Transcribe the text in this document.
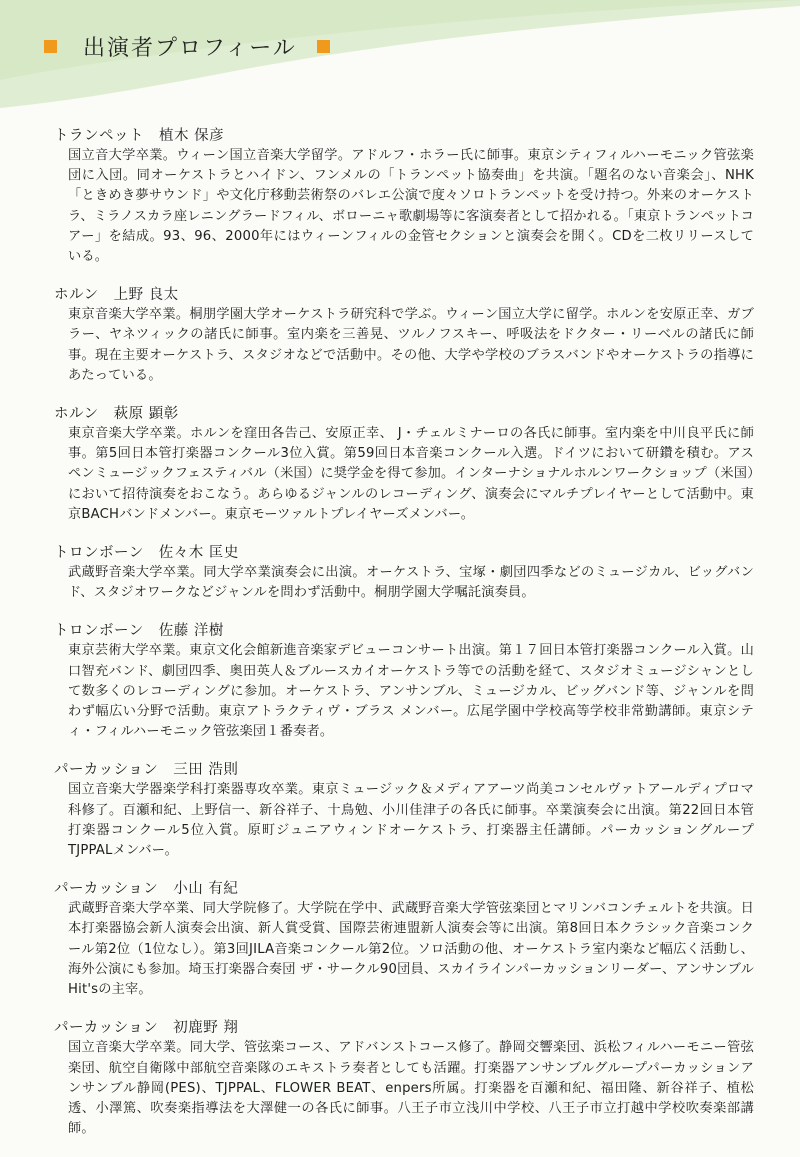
出演者プロフィール
トランペット　 植木 保彦
国立音大学卒業。ウィーン国立音楽大学留学。アドルフ・ホラー氏に師事。東京シティフィルハーモニック管弦楽団に入団。同オーケストラとハイドン、フンメルの「トランペット協奏曲」を共演。「題名のない音楽会」、NHK「ときめき夢サウンド」や文化庁移動芸術祭のバレエ公演で度々ソロトランペットを受け持つ。外来のオーケストラ、ミラノスカラ座レニングラードフィル、ボローニャ歌劇場等に客演奏者として招かれる。「東京トランペットコアー」を結成。93、96、2000年にはウィーンフィルの金管セクションと演奏会を開く。CDを二枚リリースしている。
ホルン　 上野 良太
東京音楽大学卒業。桐朋学園大学オーケストラ研究科で学ぶ。ウィーン国立大学に留学。ホルンを安原正幸、ガブラー、ヤネツィックの諸氏に師事。室内楽を三善晃、ツルノフスキー、呼吸法をドクター・リーベルの諸氏に師事。現在主要オーケストラ、スタジオなどで活動中。その他、大学や学校のブラスバンドやオーケストラの指導にあたっている。
ホルン　 萩原 顕彰
東京音楽大学卒業。ホルンを窪田各告己、安原正幸、 J・チェルミナーロの各氏に師事。室内楽を中川良平氏に師事。第5回日本管打楽器コンクール3位入賞。第59回日本音楽コンクール入選。ドイツにおいて研鑽を積む。アスペンミュージックフェスティバル（米国）に奨学金を得て参加。インターナショナルホルンワークショップ（米国）において招待演奏をおこなう。あらゆるジャンルのレコーディング、演奏会にマルチプレイヤーとして活動中。東京BACHバンドメンバー。東京モーツァルトプレイヤーズメンバー。
トロンボーン　 佐々木 匡史
武蔵野音楽大学卒業。同大学卒業演奏会に出演。オーケストラ、宝塚・劇団四季などのミュージカル、ビッグバンド、スタジオワークなどジャンルを問わず活動中。桐朋学園大学嘱託演奏員。
トロンボーン　 佐藤 洋樹
東京芸術大学卒業。東京文化会館新進音楽家デビューコンサート出演。第１７回日本管打楽器コンクール入賞。山口智充バンド、劇団四季、奥田英人＆ブルースカイオーケストラ等での活動を経て、スタジオミュージシャンとして数多くのレコーディングに参加。オーケストラ、アンサンブル、ミュージカル、ビッグバンド等、ジャンルを問わず幅広い分野で活動。東京アトラクティヴ・ブラス メンバー。広尾学園中学校高等学校非常勤講師。東京シティ・フィルハーモニック管弦楽団１番奏者。
パーカッション　 三田 浩則
国立音楽大学器楽学科打楽器専攻卒業。東京ミュージック＆メディアアーツ尚美コンセルヴァトアールディプロマ科修了。百瀬和紀、上野信一、新谷祥子、十鳥勉、小川佳津子の各氏に師事。卒業演奏会に出演。第22回日本管打楽器コンクール5位入賞。原町ジュニアウィンドオーケストラ、打楽器主任講師。パーカッショングループ TJPPALメンバー。
パーカッション　 小山 有紀
武蔵野音楽大学卒業、同大学院修了。大学院在学中、武蔵野音楽大学管弦楽団とマリンバコンチェルトを共演。日本打楽器協会新人演奏会出演、新人賞受賞、国際芸術連盟新人演奏会等に出演。第8回日本クラシック音楽コンクール第2位（1位なし）。第3回JILA音楽コンクール第2位。ソロ活動の他、オーケストラ室内楽など幅広く活動し、海外公演にも参加。埼玉打楽器合奏団 ザ・サークル90団員、スカイラインパーカッションリーダー、アンサンブルHit'sの主宰。
パーカッション　 初鹿野 翔
国立音楽大学卒業。同大学、管弦楽コース、アドバンストコース修了。静岡交響楽団、浜松フィルハーモニー管弦楽団、航空自衛隊中部航空音楽隊のエキストラ奏者としても活躍。打楽器アンサンブルグループパーカッションアンサンブル静岡(PES)、TJPPAL、FLOWER BEAT、enpers所属。打楽器を百瀬和紀、福田隆、新谷祥子、植松透、小澤篤、吹奏楽指導法を大澤健一の各氏に師事。八王子市立浅川中学校、八王子市立打越中学校吹奏楽部講師。
